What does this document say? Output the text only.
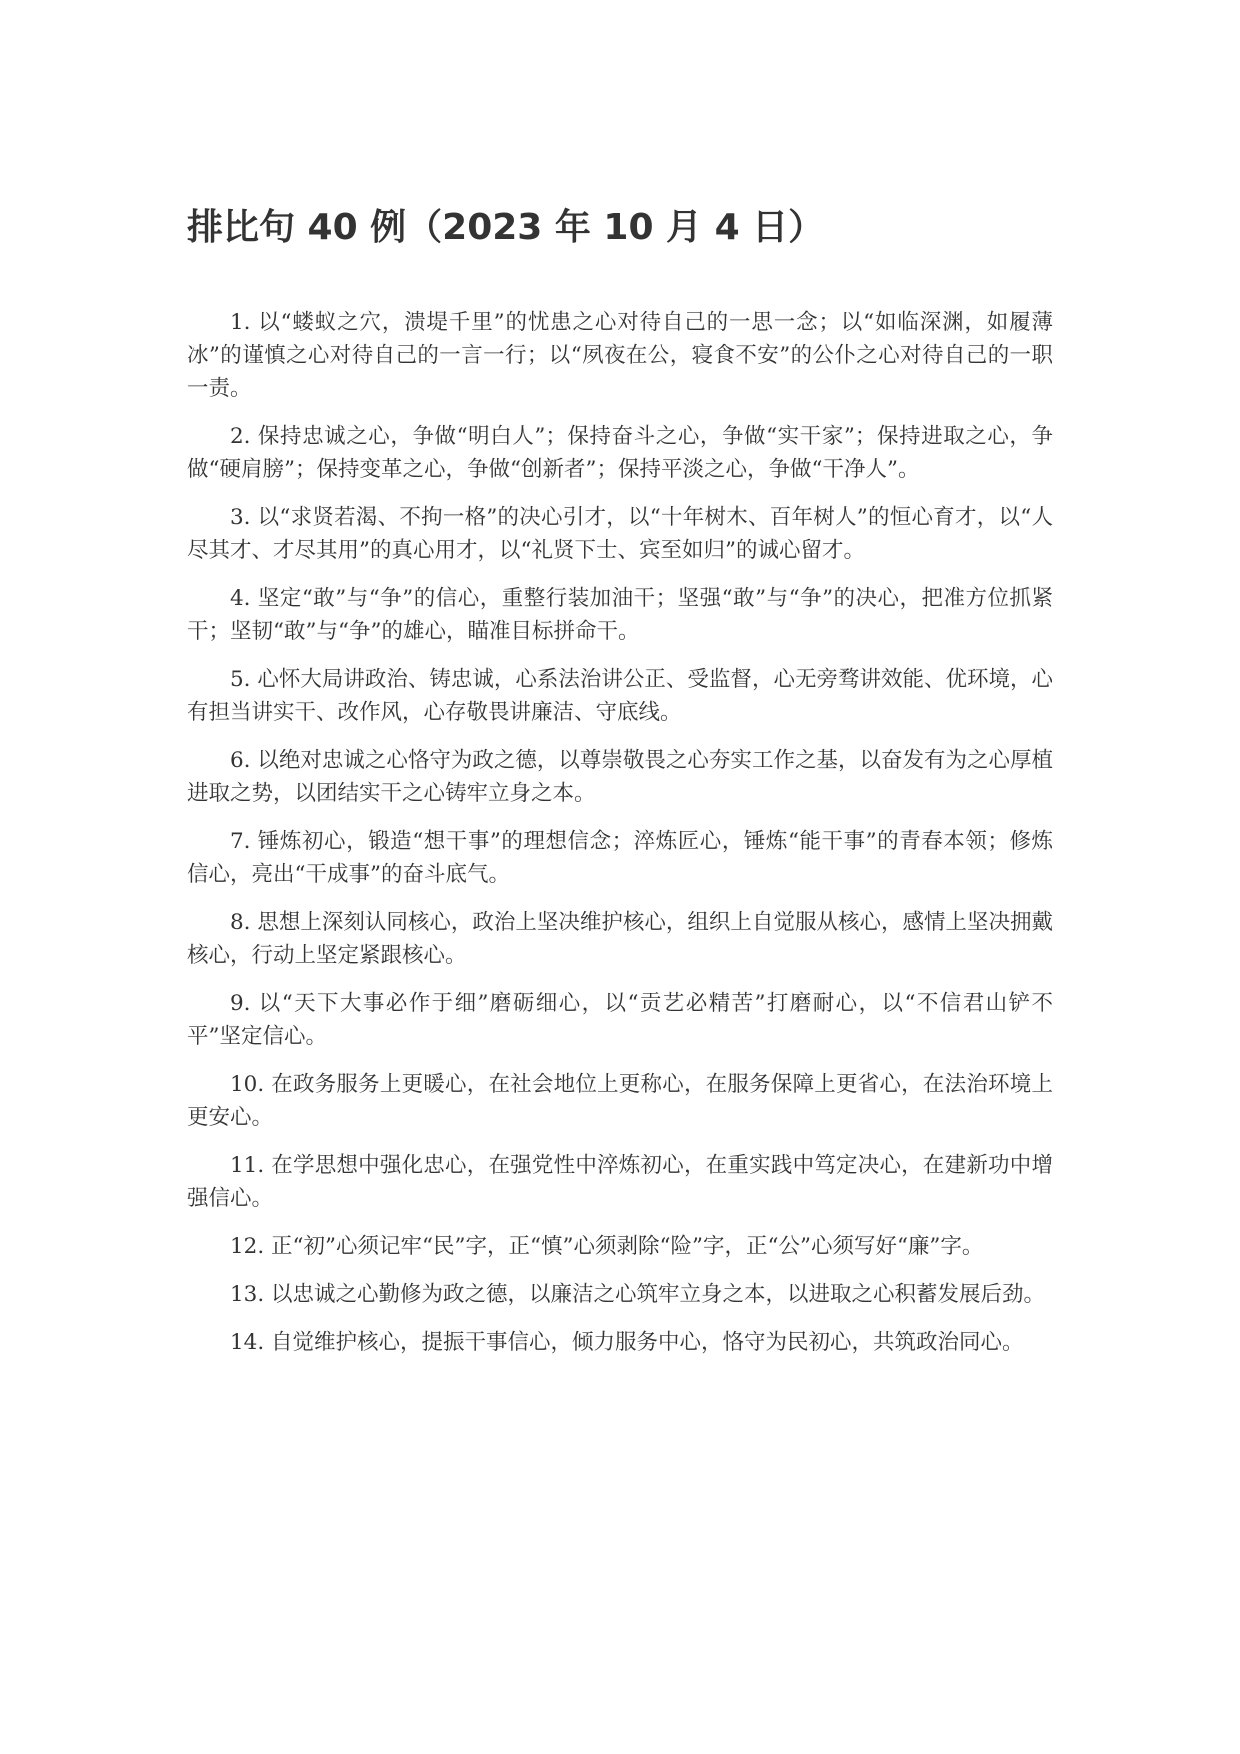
排比句 40 例（2023 年 10 月 4 日）

1. 以“蝼蚁之穴，溃堤千里”的忧患之心对待自己的一思一念；以“如临深渊，如履薄冰”的谨慎之心对待自己的一言一行；以“夙夜在公，寝食不安”的公仆之心对待自己的一职一责。

2. 保持忠诚之心，争做“明白人”；保持奋斗之心，争做“实干家”；保持进取之心，争做“硬肩膀”；保持变革之心，争做“创新者”；保持平淡之心，争做“干净人”。

3. 以“求贤若渴、不拘一格”的决心引才，以“十年树木、百年树人”的恒心育才，以“人尽其才、才尽其用”的真心用才，以“礼贤下士、宾至如归”的诚心留才。

4. 坚定“敢”与“争”的信心，重整行装加油干；坚强“敢”与“争”的决心，把准方位抓紧干；坚韧“敢”与“争”的雄心，瞄准目标拼命干。

5. 心怀大局讲政治、铸忠诚，心系法治讲公正、受监督，心无旁骛讲效能、优环境，心有担当讲实干、改作风，心存敬畏讲廉洁、守底线。

6. 以绝对忠诚之心恪守为政之德，以尊崇敬畏之心夯实工作之基，以奋发有为之心厚植进取之势，以团结实干之心铸牢立身之本。

7. 锤炼初心，锻造“想干事”的理想信念；淬炼匠心，锤炼“能干事”的青春本领；修炼信心，亮出“干成事”的奋斗底气。

8. 思想上深刻认同核心，政治上坚决维护核心，组织上自觉服从核心，感情上坚决拥戴核心，行动上坚定紧跟核心。

9. 以“天下大事必作于细”磨砺细心，以“贡艺必精苦”打磨耐心，以“不信君山铲不平”坚定信心。

10. 在政务服务上更暖心，在社会地位上更称心，在服务保障上更省心，在法治环境上更安心。

11. 在学思想中强化忠心，在强党性中淬炼初心，在重实践中笃定决心，在建新功中增强信心。

12. 正“初”心须记牢“民”字，正“慎”心须剥除“险”字，正“公”心须写好“廉”字。

13. 以忠诚之心勤修为政之德，以廉洁之心筑牢立身之本，以进取之心积蓄发展后劲。

14. 自觉维护核心，提振干事信心，倾力服务中心，恪守为民初心，共筑政治同心。
